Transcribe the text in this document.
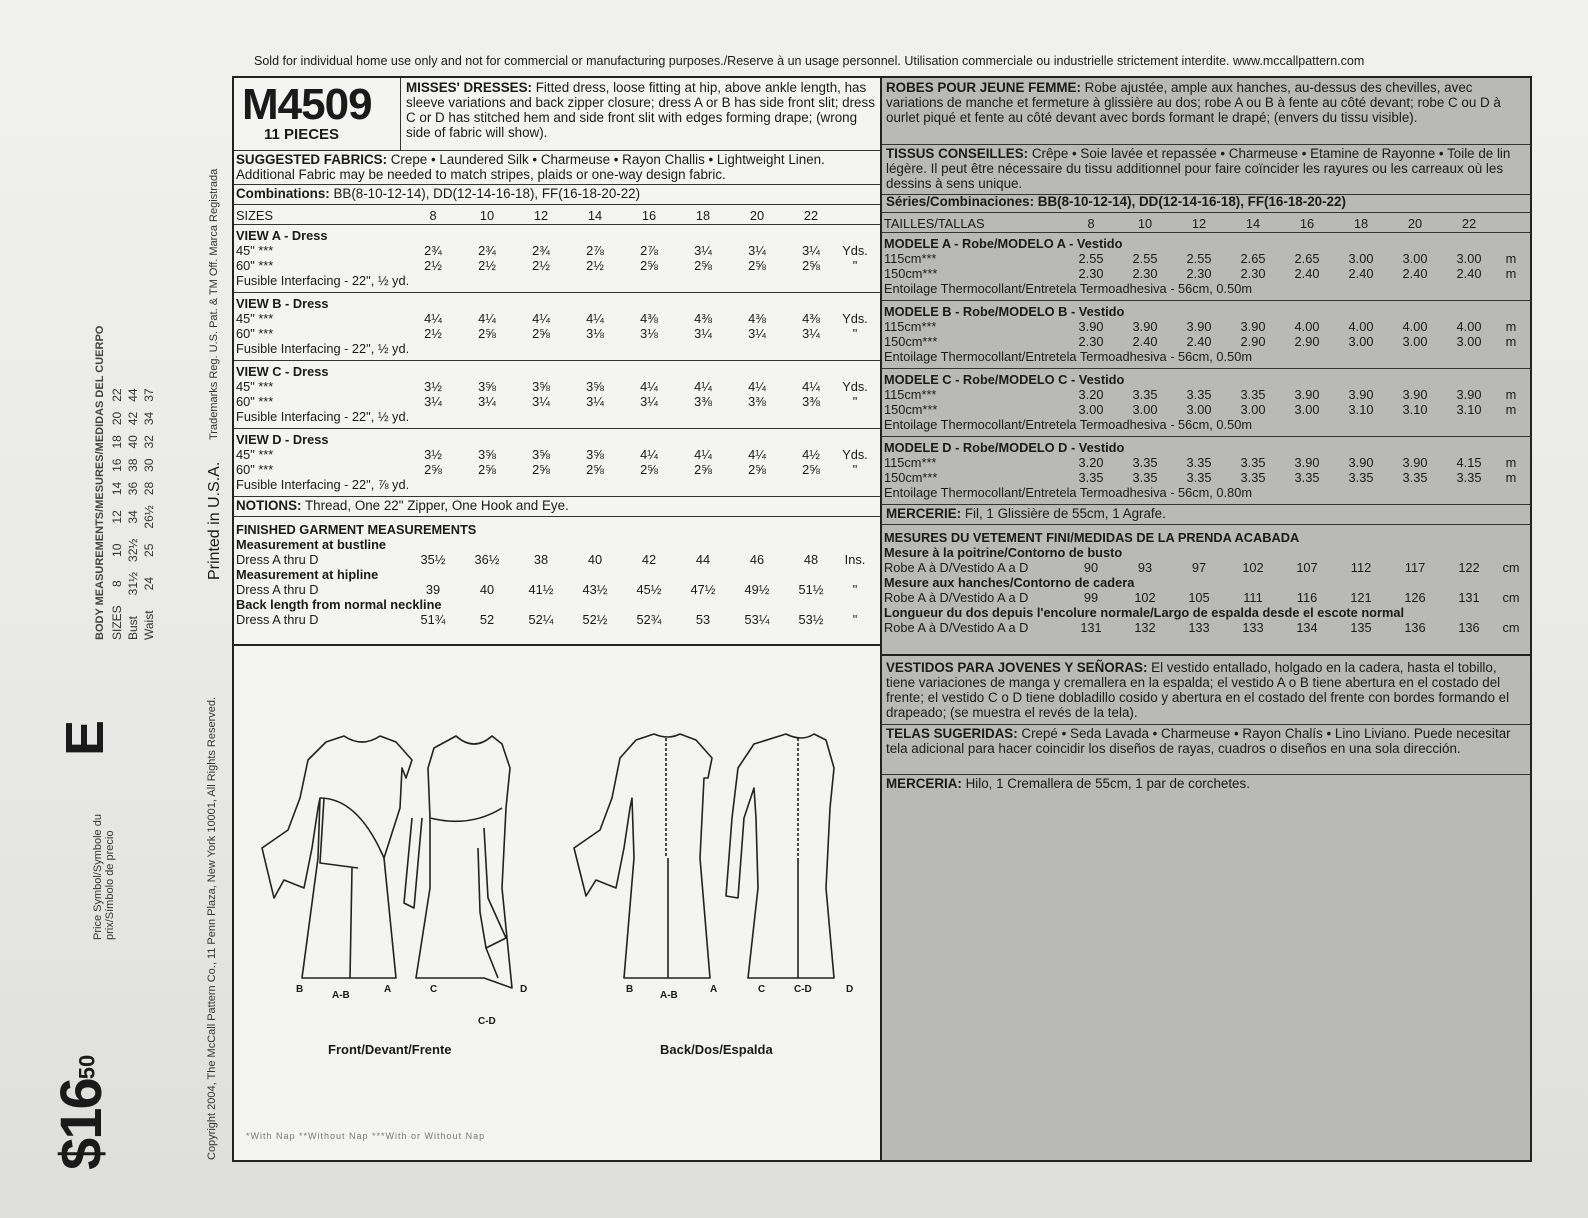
Sold for individual home use only and not for commercial or manufacturing purposes./Reserve à un usage personnel. Utilisation commerciale ou industrielle strictement interdite. www.mccallpattern.com
$1650
Price Symbol/Symbole du prix/Símbolo de precio
E	Copyright 2004, The McCall Pattern Co., 11 Penn Plaza, New York 10001, All Rights Reserved.
Printed in U.S.A.
Trademarks Reg. U.S. Pat. & TM Off. Marca Registrada
BODY MEASUREMENTS/MESURES/MEDIDAS DEL CUERPO SIZES	8	10	12	14	16	18	20	22
Bust	31½	32½	34	36	38	40	42	44
Waist	24	25	26½	28	30	32	34	37
M4509
11 PIECES
MISSES' DRESSES: Fitted dress, loose fitting at hip, above ankle length, has sleeve variations and back zipper closure; dress A or B has side front slit; dress C or D has stitched hem and side front slit with edges forming drape; (wrong side of fabric will show).
SUGGESTED FABRICS: Crepe • Laundered Silk • Charmeuse • Rayon Challis • Lightweight Linen. Additional Fabric may be needed to match stripes, plaids or one-way design fabric.
Combinations: BB(8-10-12-14), DD(12-14-16-18), FF(16-18-20-22)
SIZES	8	10	12	14	16	18	20	22	
VIEW A - Dress									
45" ***	2¾	2¾	2¾	2⅞	2⅞	3¼	3¼	3¼	Yds.
60" ***	2½	2½	2½	2½	2⅝	2⅝	2⅝	2⅝	"
Fusible Interfacing - 22", ½ yd.									
VIEW B - Dress									
45" ***	4¼	4¼	4¼	4¼	4⅜	4⅜	4⅜	4⅜	Yds.
60" ***	2½	2⅝	2⅝	3⅛	3⅛	3¼	3¼	3¼	"
Fusible Interfacing - 22", ½ yd.									
VIEW C - Dress									
45" ***	3½	3⅝	3⅝	3⅝	4¼	4¼	4¼	4¼	Yds.
60" ***	3¼	3¼	3¼	3¼	3¼	3⅜	3⅜	3⅜	"
Fusible Interfacing - 22", ½ yd.									
VIEW D - Dress									
45" ***	3½	3⅝	3⅝	3⅝	4¼	4¼	4¼	4½	Yds.
60" ***	2⅝	2⅝	2⅝	2⅝	2⅝	2⅝	2⅝	2⅝	"
Fusible Interfacing - 22", ⅞ yd.									
NOTIONS: Thread, One 22" Zipper, One Hook and Eye.
FINISHED GARMENT MEASUREMENTS									
Measurement at bustline									
Dress A thru D	35½	36½	38	40	42	44	46	48	Ins.
Measurement at hipline									
Dress A thru D	39	40	41½	43½	45½	47½	49½	51½	"
Back length from normal neckline									
Dress A thru D	51¾	52	52¼	52½	52¾	53	53¼	53½	"
B
A-B
A	C
C-D
D	B
A-B
A	C	C-D	D
Front/Devant/Frente	Back/Dos/Espalda
ROBES POUR JEUNE FEMME: Robe ajustée, ample aux hanches, au-dessus des chevilles, avec variations de manche et fermeture à glissière au dos; robe A ou B à fente au côté devant; robe C ou D à ourlet piqué et fente au côté devant avec bords formant le drapé; (envers du tissu visible).
TISSUS CONSEILLES: Crêpe • Soie lavée et repassée • Charmeuse • Etamine de Rayonne • Toile de lin légère. Il peut être nécessaire du tissu additionnel pour faire coïncider les rayures ou les carreaux où les dessins à sens unique.
Séries/Combinaciones: BB(8-10-12-14), DD(12-14-16-18), FF(16-18-20-22)
TAILLES/TALLAS	8	10	12	14	16	18	20	22	
MODELE A - Robe/MODELO A - Vestido									
115cm***	2.55	2.55	2.55	2.65	2.65	3.00	3.00	3.00	m
150cm***	2.30	2.30	2.30	2.30	2.40	2.40	2.40	2.40	m
Entoilage Thermocollant/Entretela Termoadhesiva - 56cm, 0.50m									
MODELE B - Robe/MODELO B - Vestido									
115cm***	3.90	3.90	3.90	3.90	4.00	4.00	4.00	4.00	m
150cm***	2.30	2.40	2.40	2.90	2.90	3.00	3.00	3.00	m
Entoilage Thermocollant/Entretela Termoadhesiva - 56cm, 0.50m									
MODELE C - Robe/MODELO C - Vestido									
115cm***	3.20	3.35	3.35	3.35	3.90	3.90	3.90	3.90	m
150cm***	3.00	3.00	3.00	3.00	3.00	3.10	3.10	3.10	m
Entoilage Thermocollant/Entretela Termoadhesiva - 56cm, 0.50m									
MODELE D - Robe/MODELO D - Vestido									
115cm***	3.20	3.35	3.35	3.35	3.90	3.90	3.90	4.15	m
150cm***	3.35	3.35	3.35	3.35	3.35	3.35	3.35	3.35	m
Entoilage Thermocollant/Entretela Termoadhesiva - 56cm, 0.80m									
MERCERIE: Fil, 1 Glissière de 55cm, 1 Agrafe.
MESURES DU VETEMENT FINI/MEDIDAS DE LA PRENDA ACABADA									
Mesure à la poitrine/Contorno de busto									
Robe A à D/Vestido A a D	90	93	97	102	107	112	117	122	cm
Mesure aux hanches/Contorno de cadera									
Robe A à D/Vestido A a D	99	102	105	111	116	121	126	131	cm
Longueur du dos depuis l'encolure normale/Largo de espalda desde el escote normal									
Robe A à D/Vestido A a D	131	132	133	133	134	135	136	136	cm
VESTIDOS PARA JOVENES Y SEÑORAS: El vestido entallado, holgado en la cadera, hasta el tobillo, tiene variaciones de manga y cremallera en la espalda; el vestido A o B tiene abertura en el costado del frente; el vestido C o D tiene dobladillo cosido y abertura en el costado del frente con bordes formando el drapeado; (se muestra el revés de la tela).
TELAS SUGERIDAS: Crepé • Seda Lavada • Charmeuse • Rayon Chalís • Lino Liviano. Puede necesitar tela adicional para hacer coincidir los diseños de rayas, cuadros o diseños en una sola dirección.
MERCERIA: Hilo, 1 Cremallera de 55cm, 1 par de corchetes.
*With Nap **Without Nap ***With or Without Nap
